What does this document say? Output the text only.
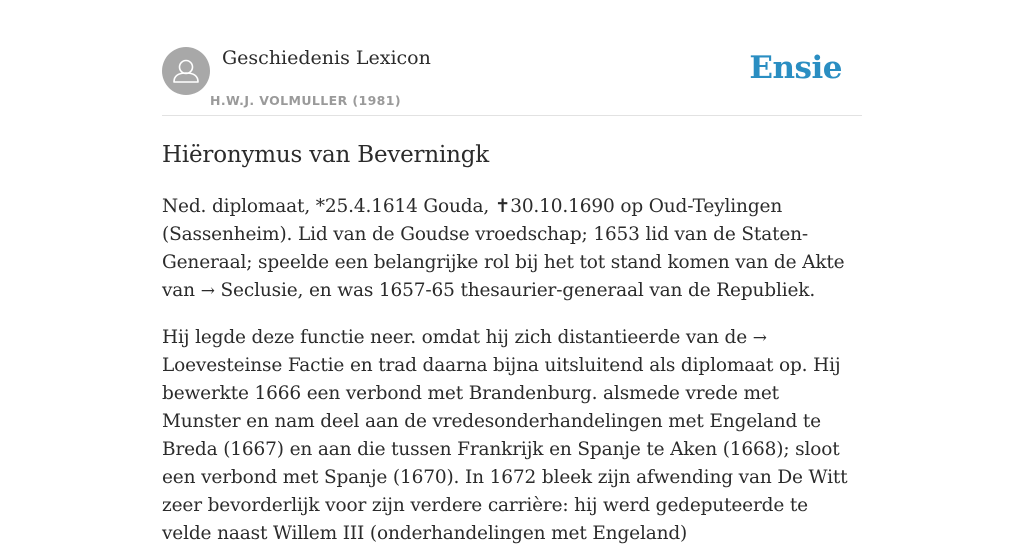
Geschiedenis Lexicon
H.W.J. VOLMULLER (1981)
Ensie
Hiëronymus van Beverningk

Ned. diplomaat, *25.4.1614 Gouda, ✝30.10.1690 op Oud-Teylingen (Sassenheim). Lid van de Goudse vroedschap; 1653 lid van de Staten-Generaal; speelde een belangrijke rol bij het tot stand komen van de Akte van → Seclusie, en was 1657-65 thesaurier-generaal van de Republiek.

Hij legde deze functie neer. omdat hij zich distantieerde van de → Loevesteinse Factie en trad daarna bijna uitsluitend als diplomaat op. Hij bewerkte 1666 een verbond met Brandenburg. alsmede vrede met Munster en nam deel aan de vredesonderhandelingen met Engeland te Breda (1667) en aan die tussen Frankrijk en Spanje te Aken (1668); sloot een verbond met Spanje (1670). In 1672 bleek zijn afwending van De Witt zeer bevorderlijk voor zijn verdere carrière: hij werd gedeputeerde te velde naast Willem III (onderhandelingen met Engeland)
